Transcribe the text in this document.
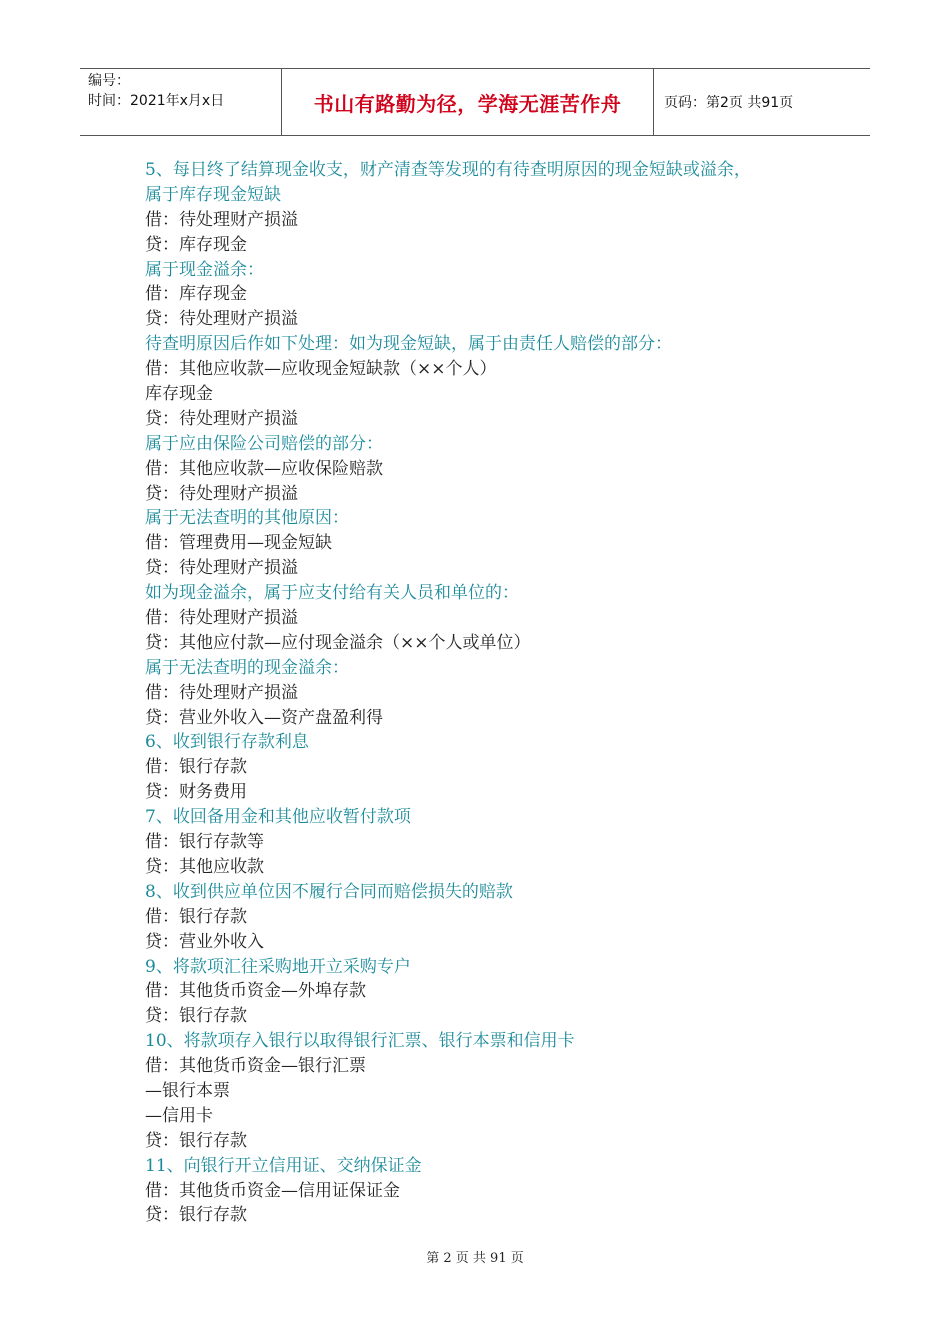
编号：
时间：2021年x月x日	书山有路勤为径，学海无涯苦作舟	页码：第2页 共91页
5、每日终了结算现金收支，财产清查等发现的有待查明原因的现金短缺或溢余，
属于库存现金短缺
借：待处理财产损溢
贷：库存现金
属于现金溢余：
借：库存现金
贷：待处理财产损溢
待查明原因后作如下处理：如为现金短缺，属于由责任人赔偿的部分：
借：其他应收款—应收现金短缺款（××个人）
库存现金
贷：待处理财产损溢
属于应由保险公司赔偿的部分：
借：其他应收款—应收保险赔款
贷：待处理财产损溢
属于无法查明的其他原因：
借：管理费用—现金短缺
贷：待处理财产损溢
如为现金溢余，属于应支付给有关人员和单位的：
借：待处理财产损溢
贷：其他应付款—应付现金溢余（××个人或单位）
属于无法查明的现金溢余：
借：待处理财产损溢
贷：营业外收入—资产盘盈利得
6、收到银行存款利息
借：银行存款
贷：财务费用
7、收回备用金和其他应收暂付款项
借：银行存款等
贷：其他应收款
8、收到供应单位因不履行合同而赔偿损失的赔款
借：银行存款
贷：营业外收入
9、将款项汇往采购地开立采购专户
借：其他货币资金—外埠存款
贷：银行存款
10、将款项存入银行以取得银行汇票、银行本票和信用卡
借：其他货币资金—银行汇票
—银行本票
—信用卡
贷：银行存款
11、向银行开立信用证、交纳保证金
借：其他货币资金—信用证保证金
贷：银行存款
第 2 页 共 91 页
